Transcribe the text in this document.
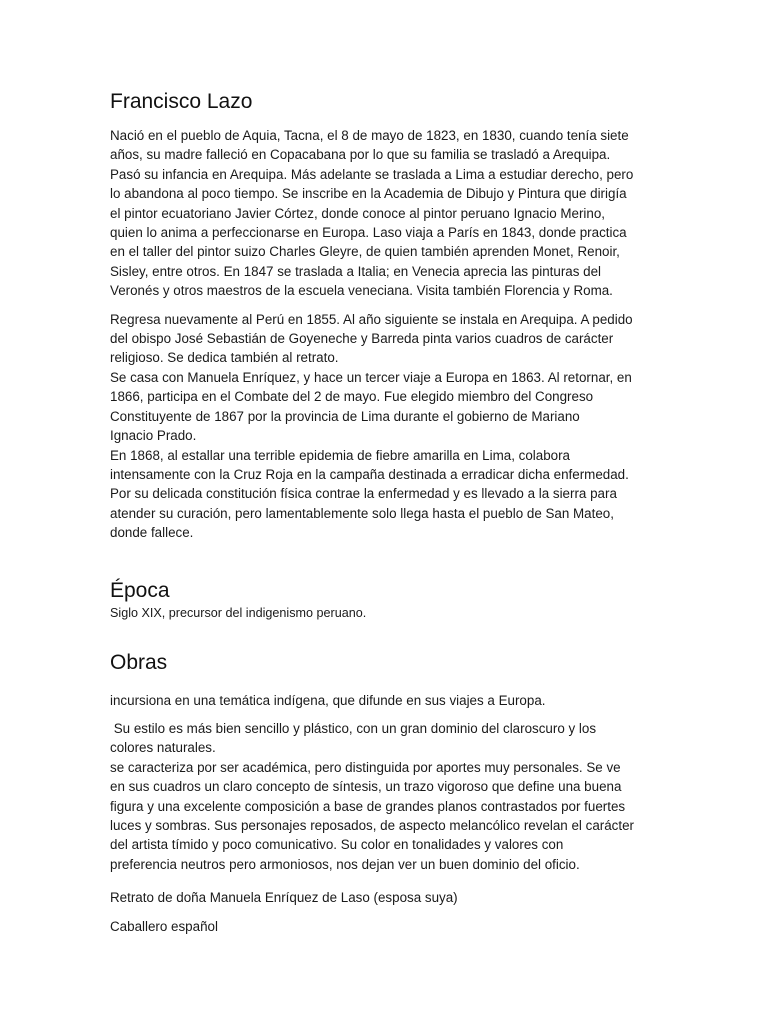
Francisco Lazo

Nació en el pueblo de Aquia, Tacna, el 8 de mayo de 1823, en 1830, cuando tenía siete
años, su madre falleció en Copacabana por lo que su familia se trasladó a Arequipa.
Pasó su infancia en Arequipa. Más adelante se traslada a Lima a estudiar derecho, pero
lo abandona al poco tiempo. Se inscribe en la Academia de Dibujo y Pintura que dirigía
el pintor ecuatoriano Javier Córtez, donde conoce al pintor peruano Ignacio Merino,
quien lo anima a perfeccionarse en Europa. Laso viaja a París en 1843, donde practica
en el taller del pintor suizo Charles Gleyre, de quien también aprenden Monet, Renoir,
Sisley, entre otros. En 1847 se traslada a Italia; en Venecia aprecia las pinturas del
Veronés y otros maestros de la escuela veneciana. Visita también Florencia y Roma.

Regresa nuevamente al Perú en 1855. Al año siguiente se instala en Arequipa. A pedido
del obispo José Sebastián de Goyeneche y Barreda pinta varios cuadros de carácter
religioso. Se dedica también al retrato.
Se casa con Manuela Enríquez, y hace un tercer viaje a Europa en 1863. Al retornar, en
1866, participa en el Combate del 2 de mayo. Fue elegido miembro del Congreso
Constituyente de 1867 por la provincia de Lima durante el gobierno de Mariano
Ignacio Prado.
En 1868, al estallar una terrible epidemia de fiebre amarilla en Lima, colabora
intensamente con la Cruz Roja en la campaña destinada a erradicar dicha enfermedad.
Por su delicada constitución física contrae la enfermedad y es llevado a la sierra para
atender su curación, pero lamentablemente solo llega hasta el pueblo de San Mateo,
donde fallece.

Época

Siglo XIX, precursor del indigenismo peruano.

Obras

incursiona en una temática indígena, que difunde en sus viajes a Europa.

Su estilo es más bien sencillo y plástico, con un gran dominio del claroscuro y los
colores naturales.
se caracteriza por ser académica, pero distinguida por aportes muy personales. Se ve
en sus cuadros un claro concepto de síntesis, un trazo vigoroso que define una buena
figura y una excelente composición a base de grandes planos contrastados por fuertes
luces y sombras. Sus personajes reposados, de aspecto melancólico revelan el carácter
del artista tímido y poco comunicativo. Su color en tonalidades y valores con
preferencia neutros pero armoniosos, nos dejan ver un buen dominio del oficio.

Retrato de doña Manuela Enríquez de Laso (esposa suya)

Caballero español
